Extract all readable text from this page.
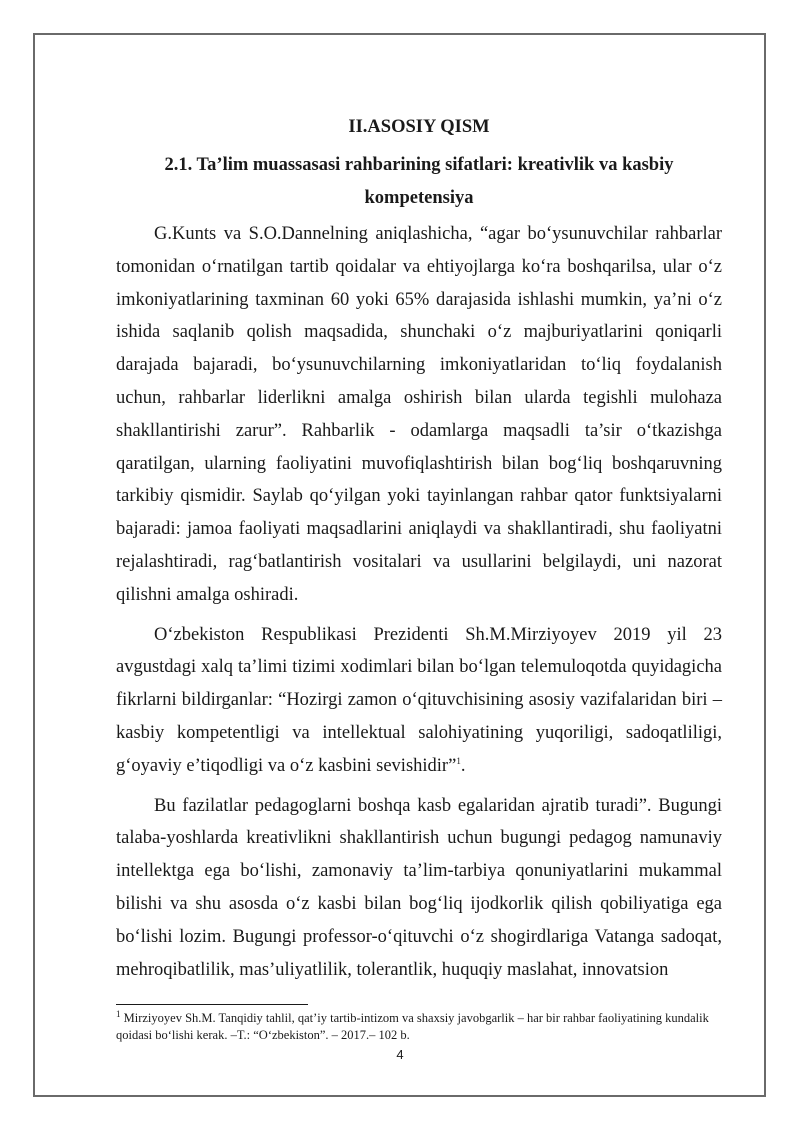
II.ASOSIY QISM
2.1. Ta’lim muassasasi rahbarining sifatlari: kreativlik va kasbiy kompetensiya

G.Kunts va S.O.Dannelning aniqlashicha, “agar bo‘ysunuvchilar rahbarlar tomonidan o‘rnatilgan tartib qoidalar va ehtiyojlarga ko‘ra boshqarilsa, ular o‘z imkoniyatlarining taxminan 60 yoki 65% darajasida ishlashi mumkin, ya’ni o‘z ishida saqlanib qolish maqsadida, shunchaki o‘z majburiyatlarini qoniqarli darajada bajaradi, bo‘ysunuvchilarning imkoniyatlaridan to‘liq foydalanish uchun, rahbarlar liderlikni amalga oshirish bilan ularda tegishli mulohaza shakllantirishi zarur”. Rahbarlik - odamlarga maqsadli ta’sir o‘tkazishga qaratilgan, ularning faoliyatini muvofiqlashtirish bilan bog‘liq boshqaruvning tarkibiy qismidir. Saylab qo‘yilgan yoki tayinlangan rahbar qator funktsiyalarni bajaradi: jamoa faoliyati maqsadlarini aniqlaydi va shakllantiradi, shu faoliyatni rejalashtiradi, rag‘batlantirish vositalari va usullarini belgilaydi, uni nazorat qilishni amalga oshiradi.

O‘zbekiston Respublikasi Prezidenti Sh.M.Mirziyoyev 2019 yil 23 avgustdagi xalq ta’limi tizimi xodimlari bilan bo‘lgan telemuloqotda quyidagicha fikrlarni bildirganlar: “Hozirgi zamon o‘qituvchisining asosiy vazifalaridan biri – kasbiy kompetentligi va intellektual salohiyatining yuqoriligi, sadoqatliligi, g‘oyaviy e’tiqodligi va o‘z kasbini sevishidir”$^1$.

Bu fazilatlar pedagoglarni boshqa kasb egalaridan ajratib turadi”. Bugungi talaba-yoshlarda kreativlikni shakllantirish uchun bugungi pedagog namunaviy intellektga ega bo‘lishi, zamonaviy ta’lim-tarbiya qonuniyatlarini mukammal bilishi va shu asosda o‘z kasbi bilan bog‘liq ijodkorlik qilish qobiliyatiga ega bo‘lishi lozim. Bugungi professor-o‘qituvchi o‘z shogirdlariga Vatanga sadoqat, mehroqibatlilik, mas’uliyatlilik, tolerantlik, huquqiy maslahat, innovatsion

$^1$ Mirziyoyev Sh.M. Tanqidiy tahlil, qat’iy tartib-intizom va shaxsiy javobgarlik – har bir rahbar faoliyatining kundalik qoidasi bo‘lishi kerak. –T.: “O‘zbekiston”. – 2017.– 102 b.
4
